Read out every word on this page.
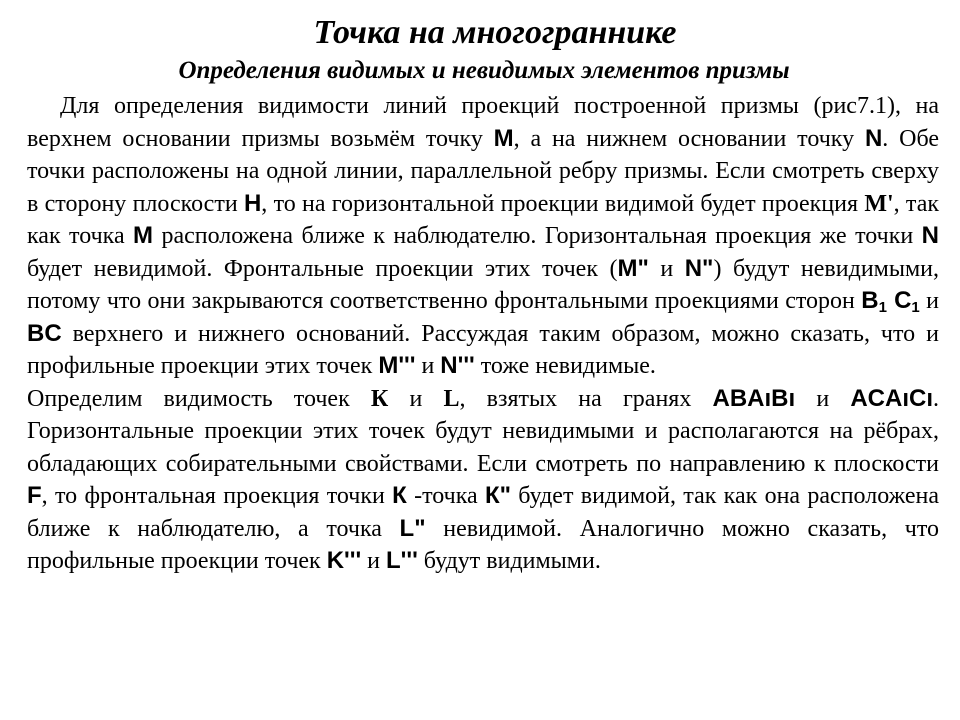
Точка на многограннике
Определения видимых и невидимых элементов призмы

Для определения видимости линий проекций построенной призмы (рис7.1), на верхнем основании призмы возьмём точку M, а на нижнем основании точку N. Обе точки расположены на одной линии, параллельной ребру призмы. Если смотреть сверху в сторону плоскости H, то на горизонтальной проекции видимой будет проекция M', так как точка M расположена ближе к наблюдателю. Горизонтальная проекция же точки N будет невидимой. Фронтальные проекции этих точек (M" и N") будут невидимыми, потому что они закрываются соответственно фронтальными проекциями сторон $B_1$ $C_1$ и BC верхнего и нижнего оснований. Рассуждая таким образом, можно сказать, что и профильные проекции этих точек M''' и N''' тоже невидимые.

Определим видимость точек К и L, взятых на гранях ABAıBı и ACAıCı. Горизонтальные проекции этих точек будут невидимыми и располагаются на рёбрах, обладающих собирательными свойствами. Если смотреть по направлению к плоскости F, то фронтальная проекция точки К -точка К" будет видимой, так как она расположена ближе к наблюдателю, а точка L" невидимой. Аналогично можно сказать, что профильные проекции точек K''' и L''' будут видимыми.
